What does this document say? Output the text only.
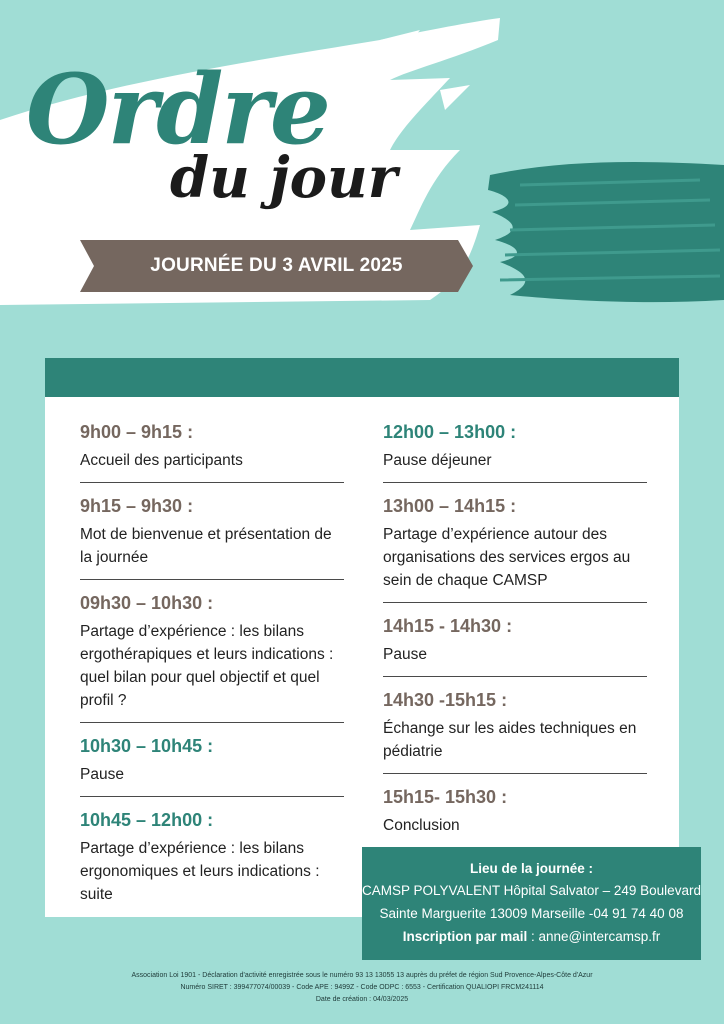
Ordre
du jour
JOURNÉE DU 3 AVRIL 2025
9h00 – 9h15 :
Accueil des participants
9h15 – 9h30 :
Mot de bienvenue et présentation de la journée
09h30 – 10h30 :
Partage d’expérience : les bilans ergothérapiques et leurs indications : quel bilan pour quel objectif et quel profil ?
10h30 – 10h45 :
Pause
10h45 – 12h00 :
Partage d’expérience : les bilans ergonomiques et leurs indications : suite
12h00 – 13h00 :
Pause déjeuner
13h00 – 14h15 :
Partage d’expérience autour des organisations des services ergos au sein de chaque CAMSP
14h15 - 14h30 :
Pause
14h30 -15h15 :
Échange sur les aides techniques en pédiatrie
15h15- 15h30 :
Conclusion
Lieu de la journée :
CAMSP POLYVALENT Hôpital Salvator – 249 Boulevard
Sainte Marguerite 13009 Marseille -04 91 74 40 08
Inscription par mail : anne@intercamsp.fr
Association Loi 1901 - Déclaration d'activité enregistrée sous le numéro 93 13 13055 13 auprès du préfet de région Sud Provence-Alpes-Côte d'Azur
Numéro SIRET : 399477074/00039 - Code APE : 9499Z - Code ODPC : 6553 - Certification QUALIOPI FRCM241114
Date de création : 04/03/2025
